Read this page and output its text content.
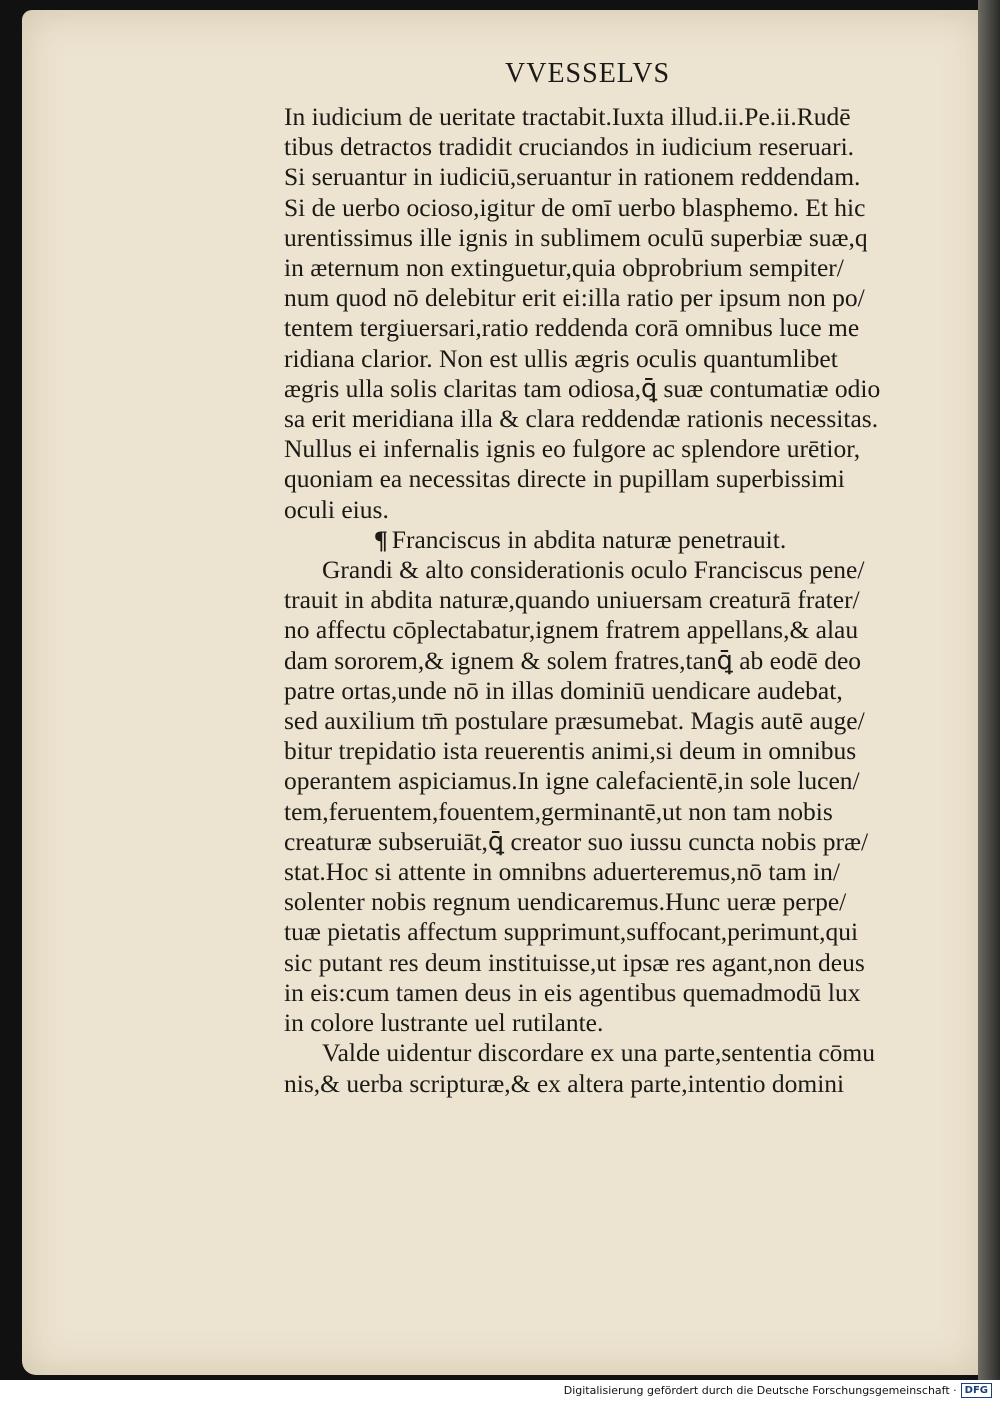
VVESSELVS
In iudicium de ueritate tractabit.Iuxta illud.ii.Pe.ii.Rudē
tibus detractos tradidit cruciandos in iudicium reseruari.
Si seruantur in iudiciū,seruantur in rationem reddendam.
Si de uerbo ocioso,igitur de omī uerbo blasphemo. Et hic
urentissimus ille ignis in sublimem oculū superbiæ suæ,q
in æternum non extinguetur,quia obprobrium sempiter/
num quod nō delebitur erit ei:illa ratio per ipsum non po/
tentem tergiuersari,ratio reddenda corā omnibus luce me
ridiana clarior. Non est ullis ægris oculis quantumlibet
ægris ulla solis claritas tam odiosa,ꝗ̄ suæ contumatiæ odio
sa erit meridiana illa & clara reddendæ rationis necessitas.
Nullus ei infernalis ignis eo fulgore ac splendore urētior,
quoniam ea necessitas directe in pupillam superbissimi
oculi eius.
¶ Franciscus in abdita naturæ penetrauit.
Grandi & alto considerationis oculo Franciscus pene/
trauit in abdita naturæ,quando uniuersam creaturā frater/
no affectu cōplectabatur,ignem fratrem appellans,& alau
dam sororem,& ignem & solem fratres,tanꝗ̄ ab eodē deo
patre ortas,unde nō in illas dominiū uendicare audebat,
sed auxilium tm̄ postulare præsumebat. Magis autē auge/
bitur trepidatio ista reuerentis animi,si deum in omnibus
operantem aspiciamus.In igne calefacientē,in sole lucen/
tem,feruentem,fouentem,germinantē,ut non tam nobis
creaturæ subseruiāt,ꝗ̄ creator suo iussu cuncta nobis præ/
stat.Hoc si attente in omnibns aduerteremus,nō tam in/
solenter nobis regnum uendicaremus.Hunc ueræ perpe/
tuæ pietatis affectum supprimunt,suffocant,perimunt,qui
sic putant res deum instituisse,ut ipsæ res agant,non deus
in eis:cum tamen deus in eis agentibus quemadmodū lux
in colore lustrante uel rutilante.
Valde uidentur discordare ex una parte,sententia cōmu
nis,& uerba scripturæ,& ex altera parte,intentio domini
Digitalisierung gefördert durch die Deutsche Forschungsgemeinschaft · DFG
